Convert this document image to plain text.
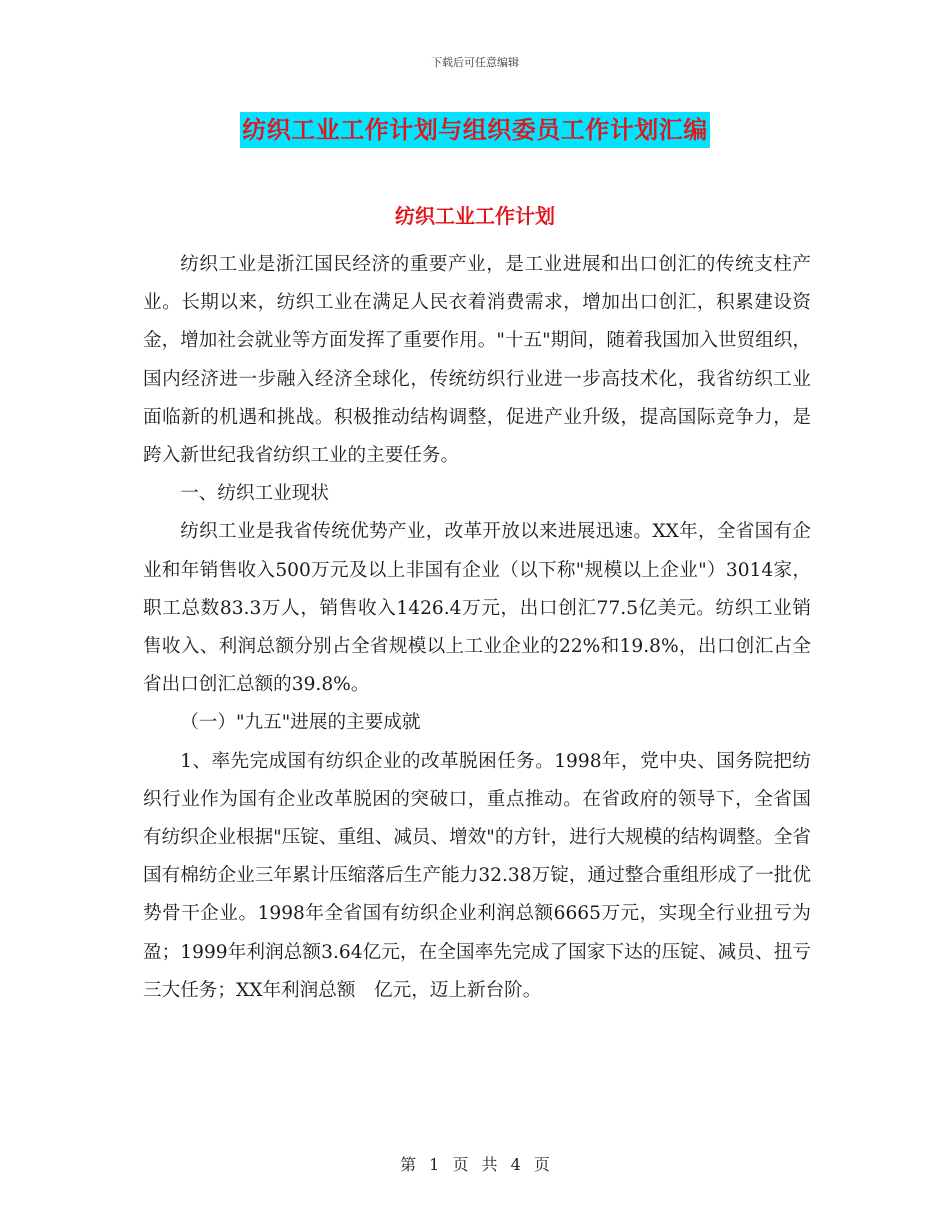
下载后可任意编辑
纺织工业工作计划与组织委员工作计划汇编
纺织工业工作计划

纺织工业是浙江国民经济的重要产业，是工业进展和出口创汇的传统支柱产业。长期以来，纺织工业在满足人民衣着消费需求，增加出口创汇，积累建设资金，增加社会就业等方面发挥了重要作用。"十五"期间，随着我国加入世贸组织，国内经济进一步融入经济全球化，传统纺织行业进一步高技术化，我省纺织工业面临新的机遇和挑战。积极推动结构调整，促进产业升级，提高国际竞争力，是跨入新世纪我省纺织工业的主要任务。

一、纺织工业现状

纺织工业是我省传统优势产业，改革开放以来进展迅速。XX年，全省国有企业和年销售收入500万元及以上非国有企业（以下称"规模以上企业"）3014家，职工总数83.3万人，销售收入1426.4万元，出口创汇77.5亿美元。纺织工业销售收入、利润总额分别占全省规模以上工业企业的22%和19.8%，出口创汇占全省出口创汇总额的39.8%。

（一）"九五"进展的主要成就

1、率先完成国有纺织企业的改革脱困任务。1998年，党中央、国务院把纺织行业作为国有企业改革脱困的突破口，重点推动。在省政府的领导下，全省国有纺织企业根据"压锭、重组、减员、增效"的方针，进行大规模的结构调整。全省国有棉纺企业三年累计压缩落后生产能力32.38万锭，通过整合重组形成了一批优势骨干企业。1998年全省国有纺织企业利润总额6665万元，实现全行业扭亏为盈；1999年利润总额3.64亿元，在全国率先完成了国家下达的压锭、减员、扭亏三大任务；XX年利润总额　亿元，迈上新台阶。

第 1 页 共 4 页
